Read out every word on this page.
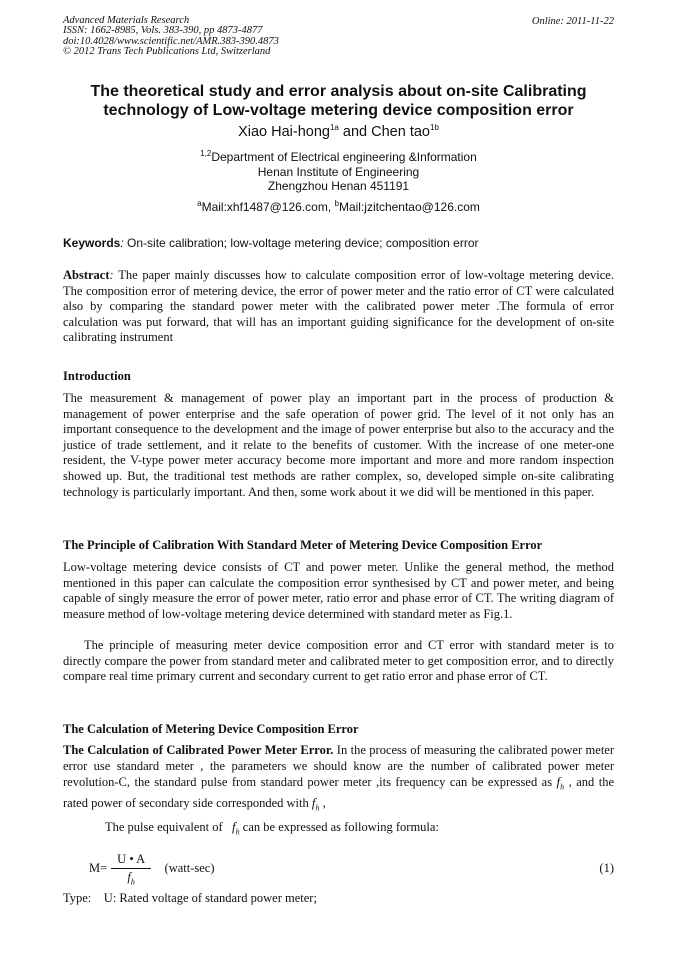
Advanced Materials Research
ISSN: 1662-8985, Vols. 383-390, pp 4873-4877
doi:10.4028/www.scientific.net/AMR.383-390.4873
© 2012 Trans Tech Publications Ltd, Switzerland
Online: 2011-11-22
The theoretical study and error analysis about on-site Calibrating
technology of Low-voltage metering device composition error
Xiao Hai-hong$^{1a}$ and Chen tao$^{1b}$
$^{1,2}$Department of Electrical engineering &Information
Henan Institute of Engineering
Zhengzhou Henan 451191
$^a$Mail:xhf1487@126.com, $^b$Mail:jzitchentao@126.com
Keywords: On-site calibration; low-voltage metering device; composition error

Abstract: The paper mainly discusses how to calculate composition error of low-voltage metering device. The composition error of metering device, the error of power meter and the ratio error of CT were calculated also by comparing the standard power meter with the calibrated power meter .The formula of error calculation was put forward, that will has an important guiding significance for the development of on-site calibrating instrument

Introduction

The measurement & management of power play an important part in the process of production & management of power enterprise and the safe operation of power grid. The level of it not only has an important consequence to the development and the image of power enterprise but also to the accuracy and the justice of trade settlement, and it relate to the benefits of customer. With the increase of one meter-one resident, the V-type power meter accuracy become more important and more and more random inspection showed up. But, the traditional test methods are rather complex, so, developed simple on-site calibrating technology is particularly important. And then, some work about it we did will be mentioned in this paper.

The Principle of Calibration With Standard Meter of Metering Device Composition Error

Low-voltage metering device consists of CT and power meter. Unlike the general method, the method mentioned in this paper can calculate the composition error synthesised by CT and power meter, and being capable of singly measure the error of power meter, ratio error and phase error of CT. The writing diagram of measure method of low-voltage metering device determined with standard meter as Fig.1.

The principle of measuring meter device composition error and CT error with standard meter is to directly compare the power from standard meter and calibrated meter to get composition error, and to directly compare real time primary current and secondary current to get ratio error and phase error of CT.

The Calculation of Metering Device Composition Error

The Calculation of Calibrated Power Meter Error. In the process of measuring the calibrated power meter error use standard meter , the parameters we should know are the number of calibrated power meter revolution-C, the standard pulse from standard power meter ,its frequency can be expressed as $f_h$ , and the rated power of secondary side corresponded with $f_h$ ,

The pulse equivalent of   $f_h$ can be expressed as following formula:

$M= \frac{U • A}{f_h}$ (watt-sec)	(1)
Type: U: Rated voltage of standard power meter;
